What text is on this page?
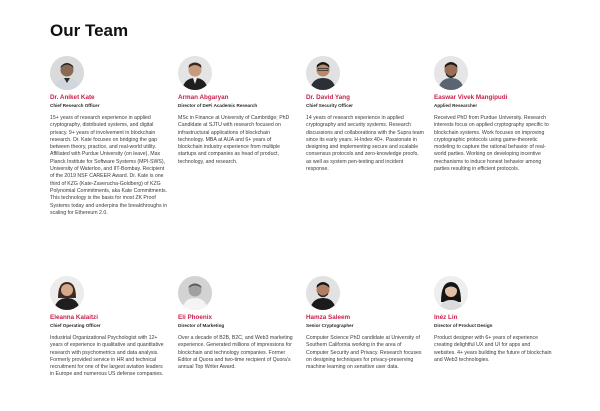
Our Team
Dr. Aniket Kate
Chief Research Officer
15+ years of research experience in applied cryptography, distributed systems, and digital privacy. 9+ years of involvement in blockchain research. Dr. Kate focuses on bridging the gap between theory, practice, and real-world utility. Affiliated with Purdue University (on leave), Max Planck Institute for Software Systems (MPI-SWS), University of Waterloo, and IIT-Bombay. Recipient of the 2019 NSF CAREER Award. Dr. Kate is one third of KZG (Kate-Zaverucha-Goldberg) of KZG Polynomial Commitments, aka Kate Commitments. This technology is the basis for most ZK Proof Systems today and underpins the breakthroughs in scaling for Ethereum 2.0.
Arman Abgaryan
Director of DeFi Academic Research
MSc in Finance at University of Cambridge; PhD Candidate at SJTU with research focused on infrastructural applications of blockchain technology. MBA at AUA and 6+ years of blockchain industry experience from multiple startups and companies as head of product, technology, and research.
Dr. David Yang
Chief Security Officer
14 years of research experience in applied cryptography and security systems. Research discussions and collaborations with the Supra team since its early years. H-Index 40+. Passionate in designing and implementing secure and scalable consensus protocols and zero-knowledge proofs, as well as system pen-testing and incident response.
Easwar Vivek Mangipudi
Applied Researcher
Received PhD from Purdue University. Research interests focus on applied cryptography specific to blockchain systems. Work focuses on improving cryptographic protocols using game-theoretic modeling to capture the rational behavior of real-world parties. Working on developing incentive mechanisms to induce honest behavior among parties resulting in efficient protocols.
Eleanna Kalaitzi
Chief Operating Officer
Industrial Organizational Psychologist with 12+ years of experience in qualitative and quantitative research with psychometrics and data analysis. Formerly provided service in HR and technical recruitment for one of the largest aviation leaders in Europe and numerous US defense companies.
Eli Phoenix
Director of Marketing
Over a decade of B2B, B2C, and Web3 marketing experience. Generated millions of impressions for blockchain and technology companies. Former Editor at Quora and two-time recipient of Quora's annual Top Writer Award.
Hamza Saleem
Senior Cryptographer
Computer Science PhD candidate at University of Southern California working in the area of Computer Security and Privacy. Research focuses on designing techniques for privacy-preserving machine learning on sensitive user data.
Inéz Lin
Director of Product Design
Product designer with 6+ years of experience creating delightful UX and UI for apps and websites. 4+ years building the future of blockchain and Web3 technologies.
